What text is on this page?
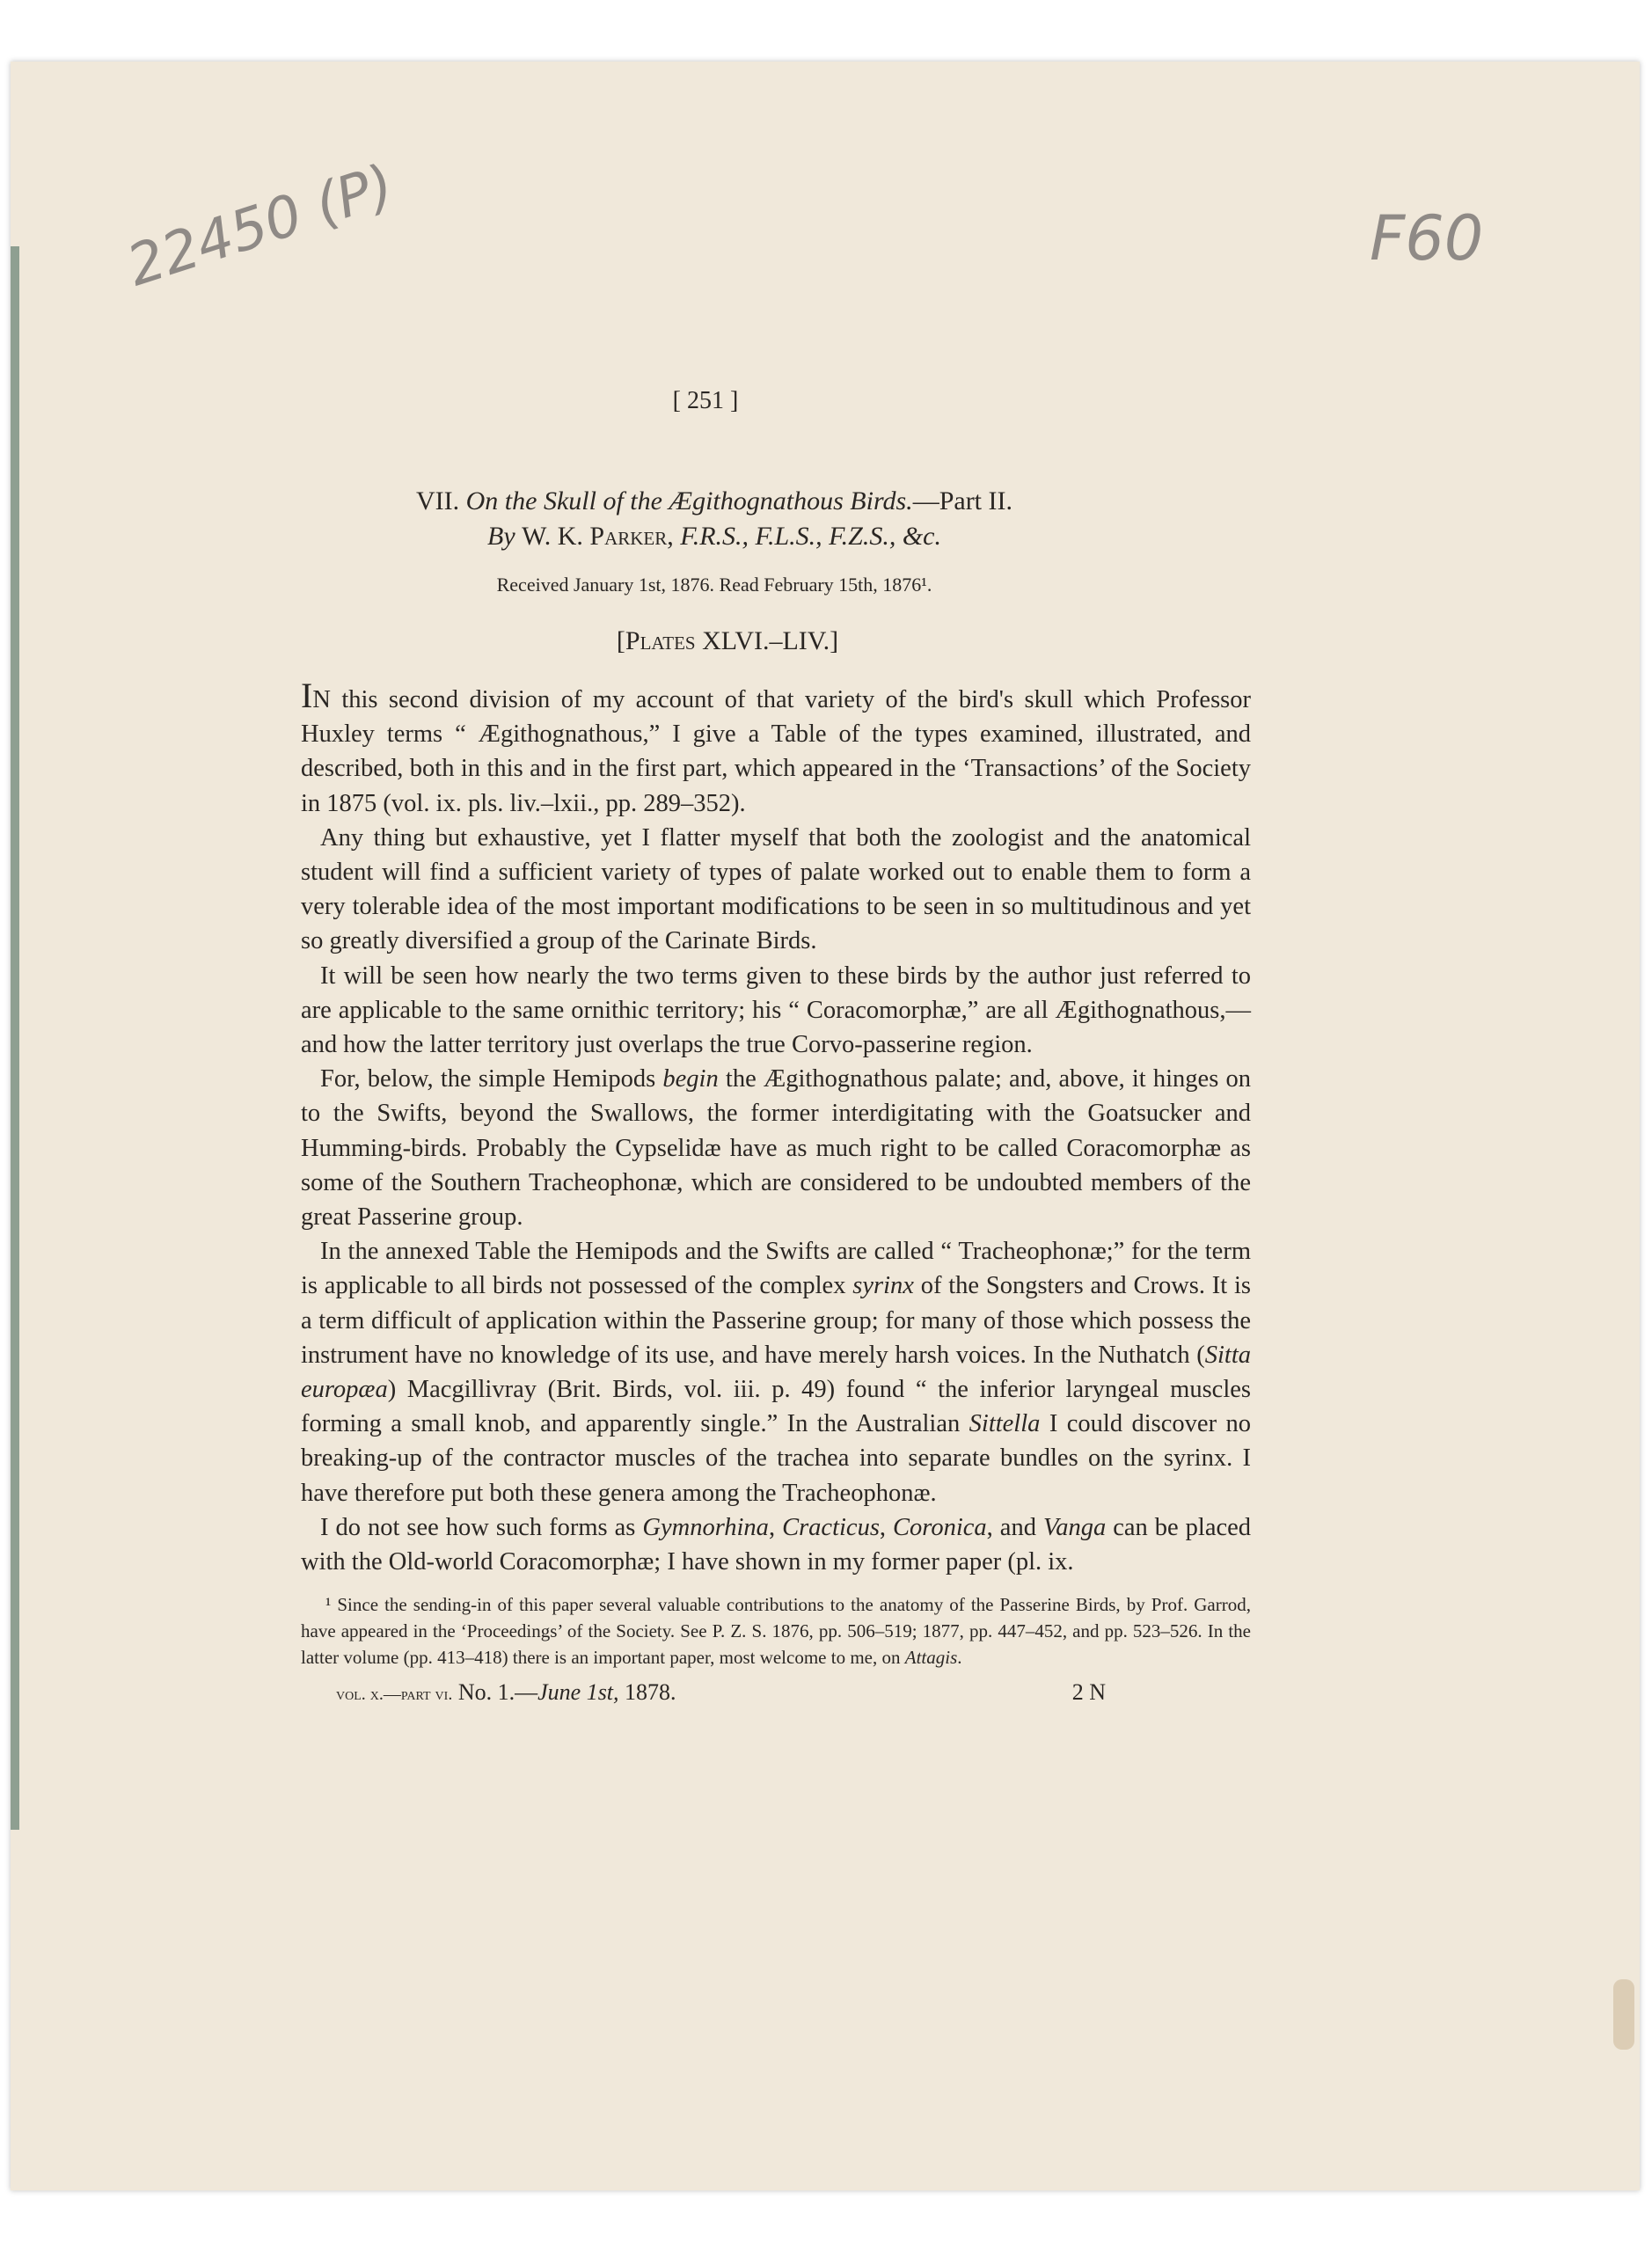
22450 (P)	F60
[ 251 ]
VII. On the Skull of the Ægithognathous Birds.—Part II.
By W. K. Parker, F.R.S., F.L.S., F.Z.S., &c.
Received January 1st, 1876. Read February 15th, 1876¹.
[Plates XLVI.–LIV.]

IN this second division of my account of that variety of the bird's skull which Professor Huxley terms “ Ægithognathous,” I give a Table of the types examined, illustrated, and described, both in this and in the first part, which appeared in the ‘Transactions’ of the Society in 1875 (vol. ix. pls. liv.–lxii., pp. 289–352).

Any thing but exhaustive, yet I flatter myself that both the zoologist and the anatomical student will find a sufficient variety of types of palate worked out to enable them to form a very tolerable idea of the most important modifications to be seen in so multitudinous and yet so greatly diversified a group of the Carinate Birds.

It will be seen how nearly the two terms given to these birds by the author just referred to are applicable to the same ornithic territory; his “ Coracomorphæ,” are all Ægithognathous,—and how the latter territory just overlaps the true Corvo-passerine region.

For, below, the simple Hemipods begin the Ægithognathous palate; and, above, it hinges on to the Swifts, beyond the Swallows, the former interdigitating with the Goatsucker and Humming-birds. Probably the Cypselidæ have as much right to be called Coracomorphæ as some of the Southern Tracheophonæ, which are considered to be undoubted members of the great Passerine group.

In the annexed Table the Hemipods and the Swifts are called “ Tracheophonæ;” for the term is applicable to all birds not possessed of the complex syrinx of the Songsters and Crows. It is a term difficult of application within the Passerine group; for many of those which possess the instrument have no knowledge of its use, and have merely harsh voices. In the Nuthatch (Sitta europæa) Macgillivray (Brit. Birds, vol. iii. p. 49) found “ the inferior laryngeal muscles forming a small knob, and apparently single.” In the Australian Sittella I could discover no breaking-up of the contractor muscles of the trachea into separate bundles on the syrinx. I have therefore put both these genera among the Tracheophonæ.

I do not see how such forms as Gymnorhina, Cracticus, Coronica, and Vanga can be placed with the Old-world Coracomorphæ; I have shown in my former paper (pl. ix.

¹ Since the sending-in of this paper several valuable contributions to the anatomy of the Passerine Birds, by Prof. Garrod, have appeared in the ‘Proceedings’ of the Society. See P. Z. S. 1876, pp. 506–519; 1877, pp. 447–452, and pp. 523–526. In the latter volume (pp. 413–418) there is an important paper, most welcome to me, on Attagis.

vol. x.—part vi. No. 1.—June 1st, 1878.	2 N
